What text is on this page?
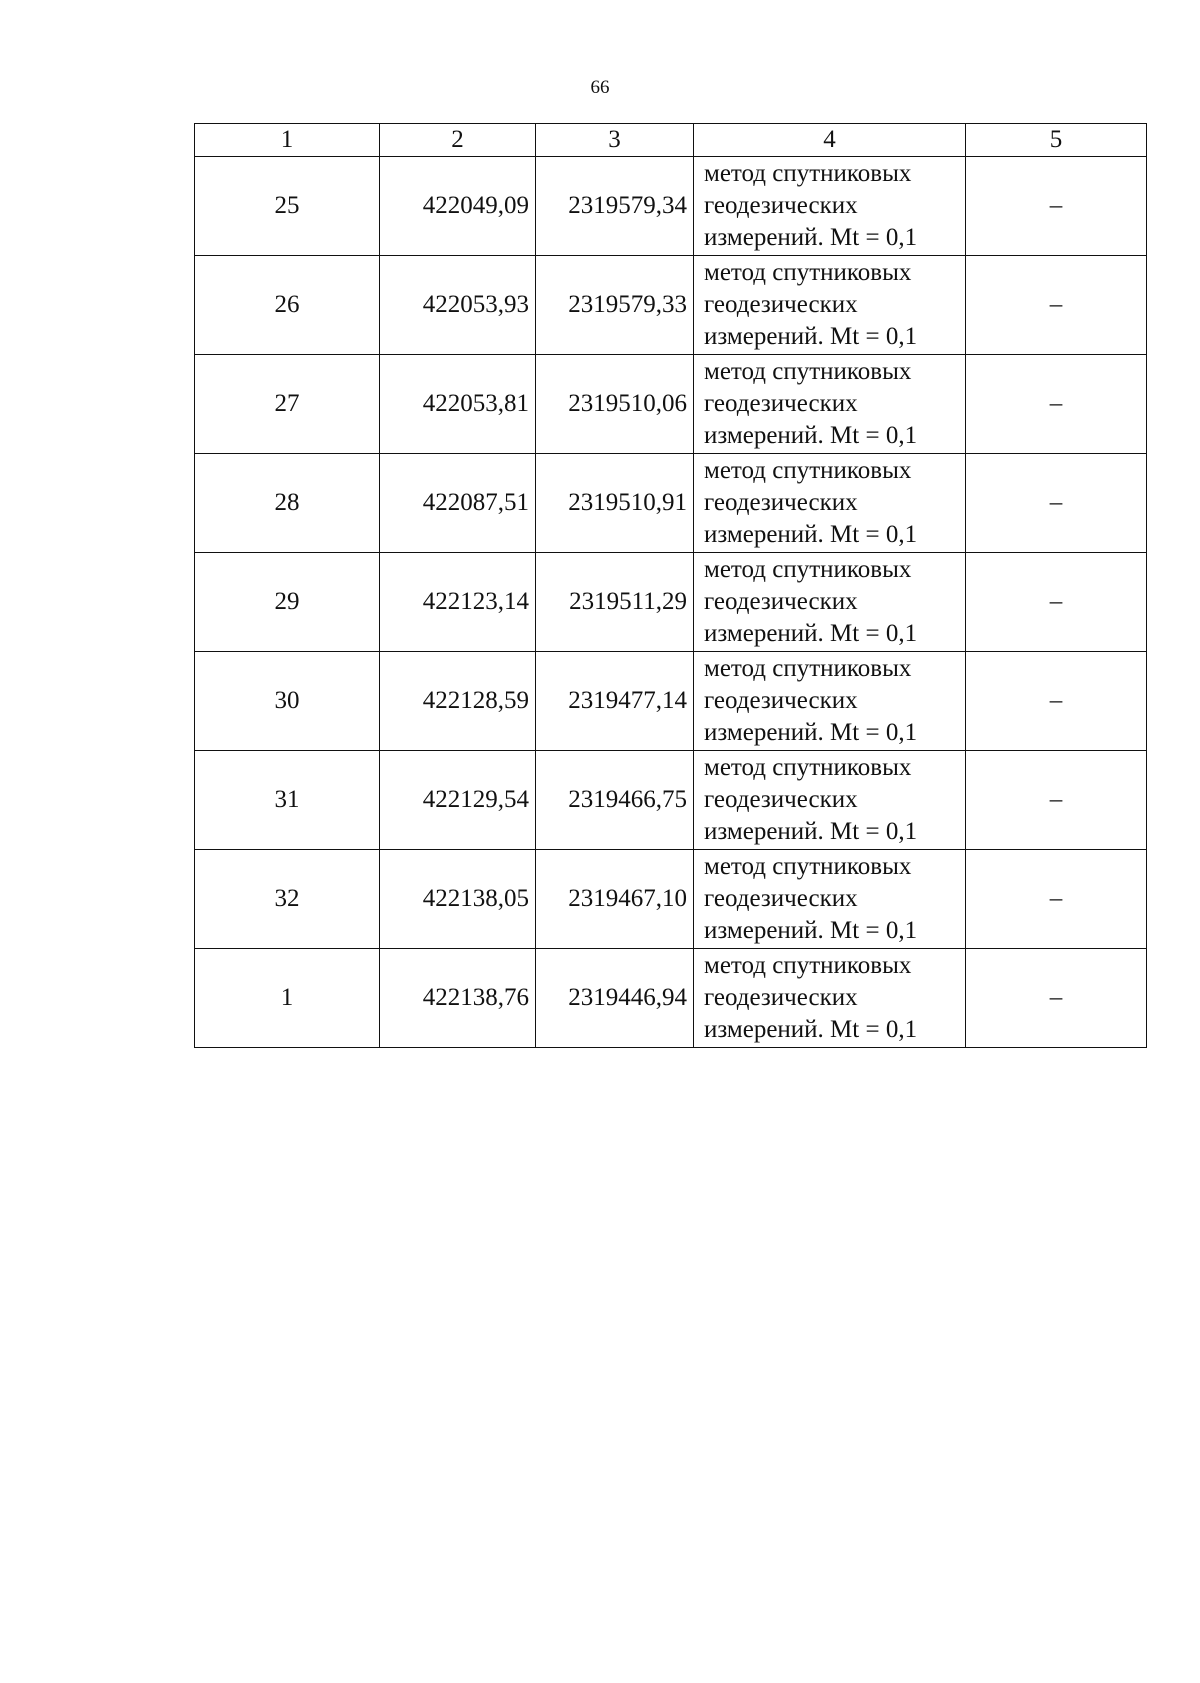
66
1	2	3	4	5
25	422049,09	2319579,34	метод спутниковых
геодезических
измерений. Mt = 0,1	–
26	422053,93	2319579,33	метод спутниковых
геодезических
измерений. Mt = 0,1	–
27	422053,81	2319510,06	метод спутниковых
геодезических
измерений. Mt = 0,1	–
28	422087,51	2319510,91	метод спутниковых
геодезических
измерений. Mt = 0,1	–
29	422123,14	2319511,29	метод спутниковых
геодезических
измерений. Mt = 0,1	–
30	422128,59	2319477,14	метод спутниковых
геодезических
измерений. Mt = 0,1	–
31	422129,54	2319466,75	метод спутниковых
геодезических
измерений. Mt = 0,1	–
32	422138,05	2319467,10	метод спутниковых
геодезических
измерений. Mt = 0,1	–
1	422138,76	2319446,94	метод спутниковых
геодезических
измерений. Mt = 0,1	–
